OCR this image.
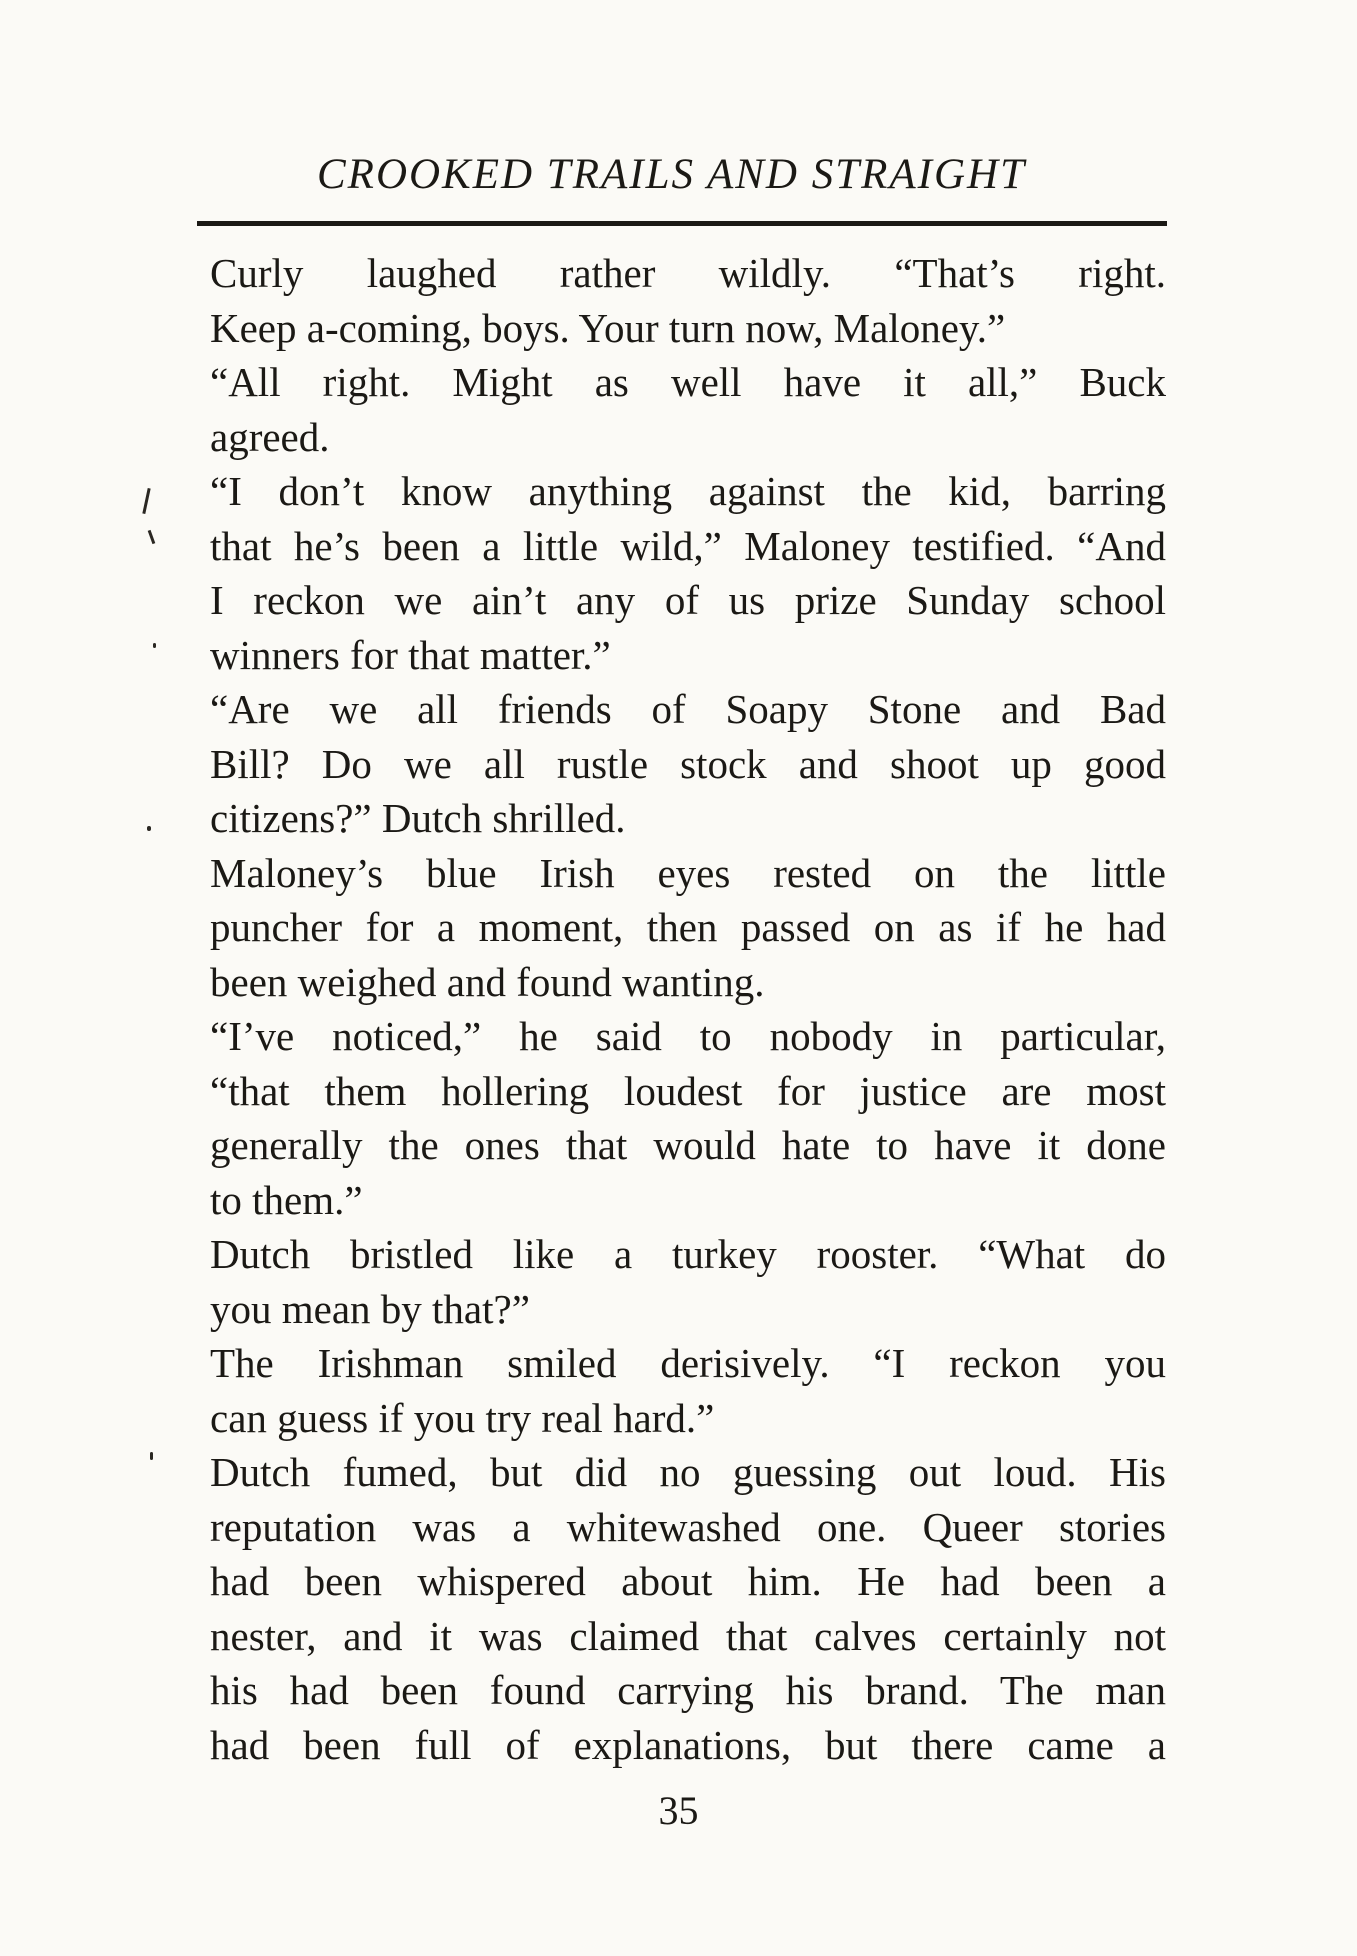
CROOKED TRAILS AND STRAIGHT

Curly laughed rather wildly. “That’s right.
Keep a-coming, boys. Your turn now, Maloney.”

“All right. Might as well have it all,” Buck
agreed.

“I don’t know anything against the kid, barring
that he’s been a little wild,” Maloney testified. “And
I reckon we ain’t any of us prize Sunday school
winners for that matter.”

“Are we all friends of Soapy Stone and Bad
Bill? Do we all rustle stock and shoot up good
citizens?” Dutch shrilled.

Maloney’s blue Irish eyes rested on the little
puncher for a moment, then passed on as if he had
been weighed and found wanting.

“I’ve noticed,” he said to nobody in particular,
“that them hollering loudest for justice are most
generally the ones that would hate to have it done
to them.”

Dutch bristled like a turkey rooster. “What do
you mean by that?”

The Irishman smiled derisively. “I reckon you
can guess if you try real hard.”

Dutch fumed, but did no guessing out loud. His
reputation was a whitewashed one. Queer stories
had been whispered about him. He had been a
nester, and it was claimed that calves certainly not
his had been found carrying his brand. The man
had been full of explanations, but there came a

35
